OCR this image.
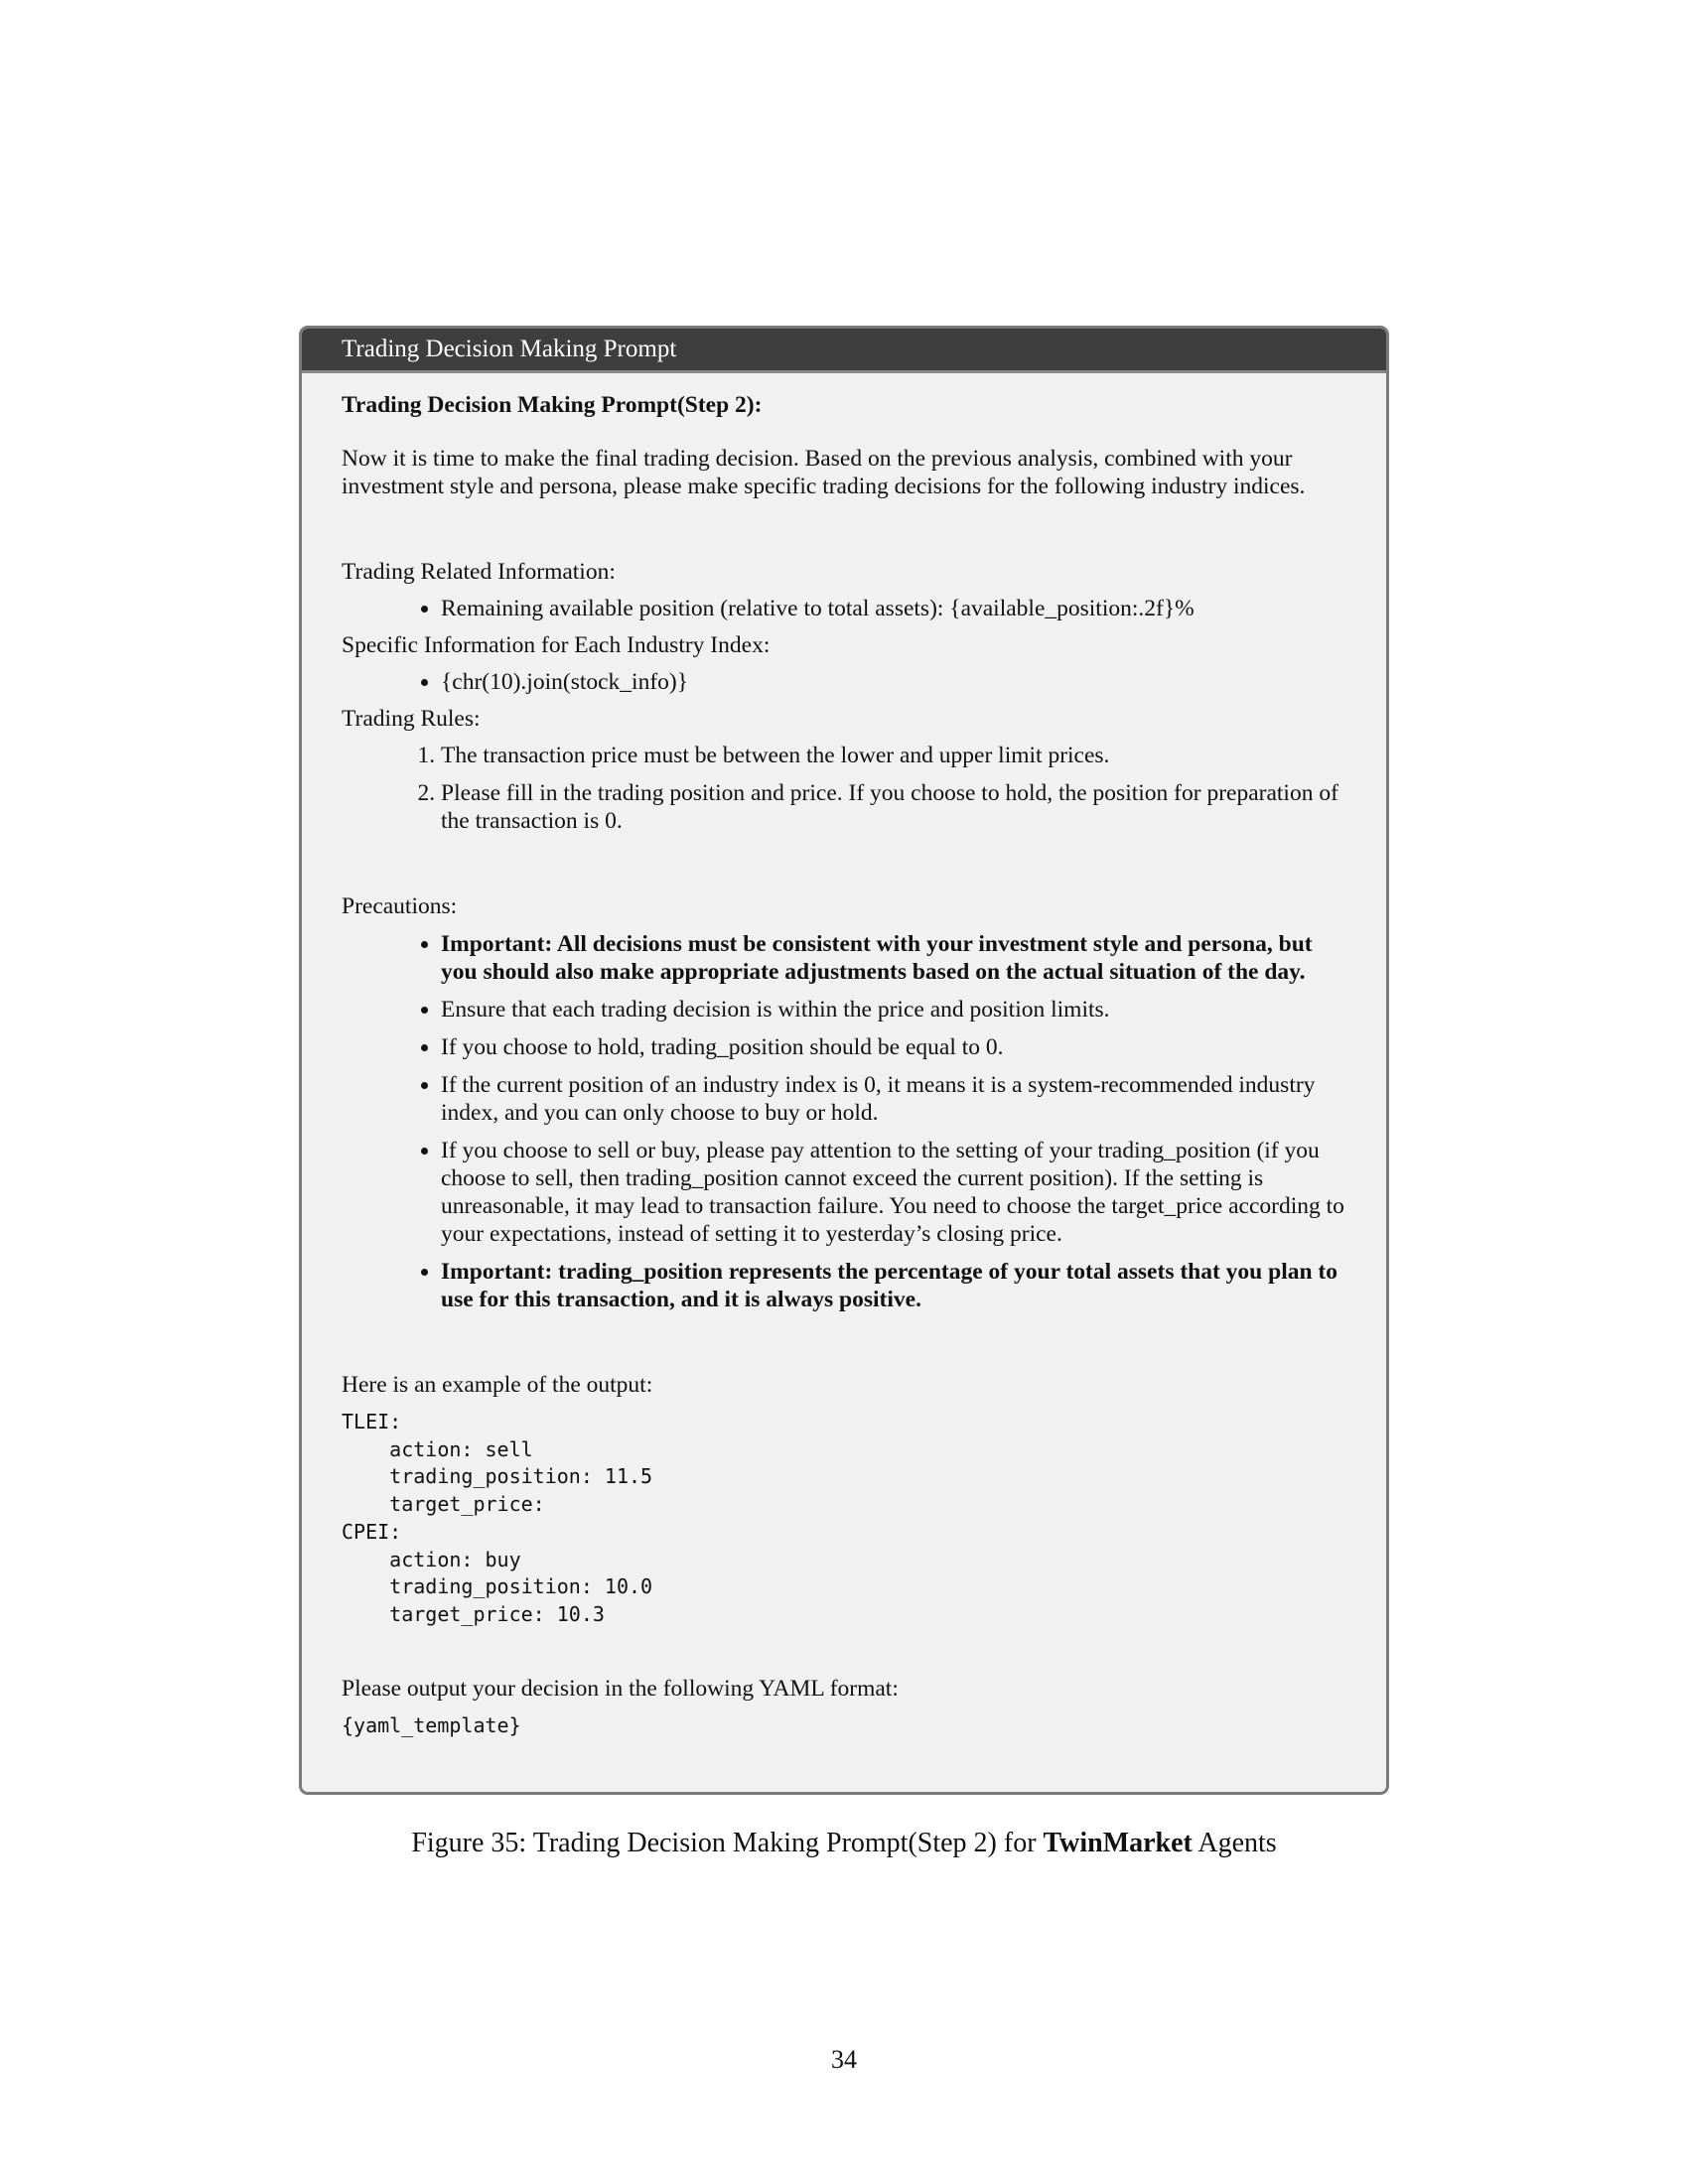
Trading Decision Making Prompt

Trading Decision Making Prompt(Step 2):

Now it is time to make the final trading decision. Based on the previous analysis, combined with your investment style and persona, please make specific trading decisions for the following industry indices.

Trading Related Information:

• Remaining available position (relative to total assets): {available_position:.2f}%

Specific Information for Each Industry Index:

• {chr(10).join(stock_info)}

Trading Rules:

1. The transaction price must be between the lower and upper limit prices.
2. Please fill in the trading position and price. If you choose to hold, the position for preparation of the transaction is 0.

Precautions:

• Important: All decisions must be consistent with your investment style and persona, but you should also make appropriate adjustments based on the actual situation of the day.
• Ensure that each trading decision is within the price and position limits.
• If you choose to hold, trading_position should be equal to 0.
• If the current position of an industry index is 0, it means it is a system-recommended industry index, and you can only choose to buy or hold.
• If you choose to sell or buy, please pay attention to the setting of your trading_position (if you choose to sell, then trading_position cannot exceed the current position). If the setting is unreasonable, it may lead to transaction failure. You need to choose the target_price according to your expectations, instead of setting it to yesterday’s closing price.
• Important: trading_position represents the percentage of your total assets that you plan to use for this transaction, and it is always positive.

Here is an example of the output:

TLEI:
action: sell
trading_position: 11.5
target_price:
CPEI:
action: buy
trading_position: 10.0
target_price: 10.3

Please output your decision in the following YAML format:

{yaml_template}
Figure 35: Trading Decision Making Prompt(Step 2) for TwinMarket Agents
34
